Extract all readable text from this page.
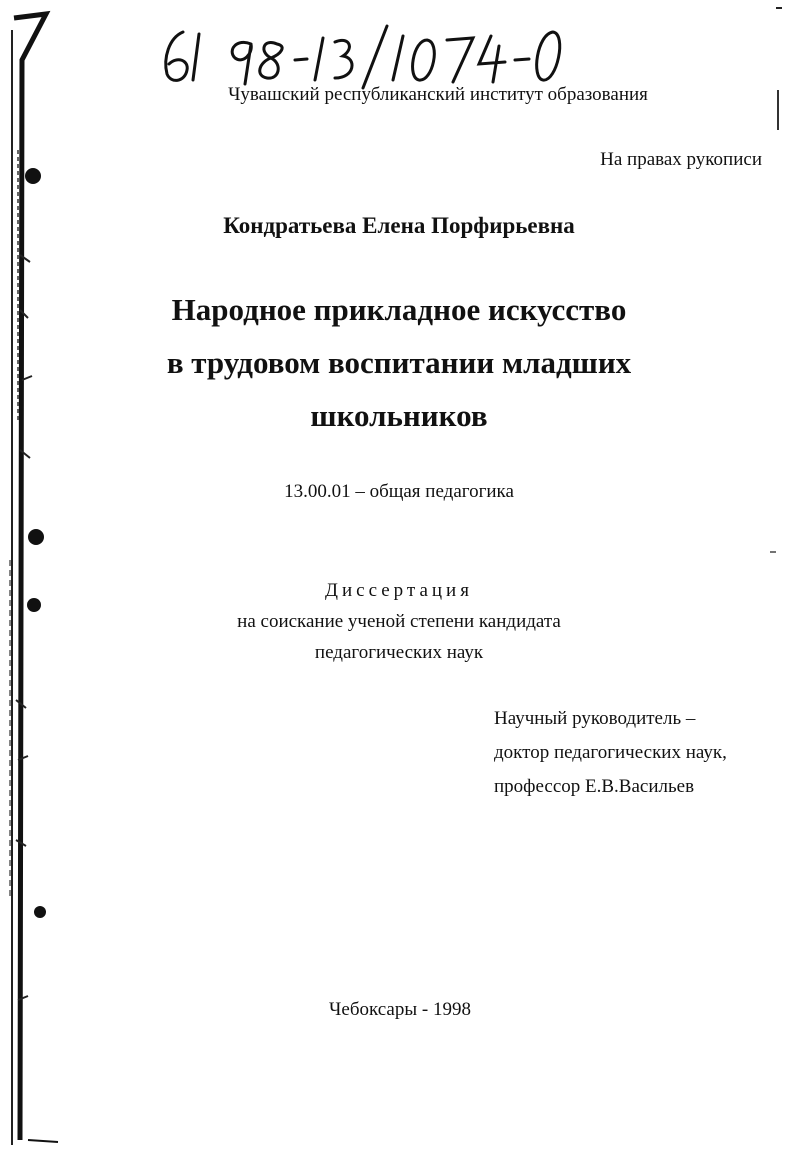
Чувашский республиканский институт образования
На правах рукописи
Кондратьева Елена Порфирьевна
Народное прикладное искусство
в трудовом воспитании младших
школьников
13.00.01 – общая педагогика
Диссертация
на соискание ученой степени кандидата
педагогических наук
Научный руководитель –
доктор педагогических наук,
профессор Е.В.Васильев
Чебоксары - 1998
